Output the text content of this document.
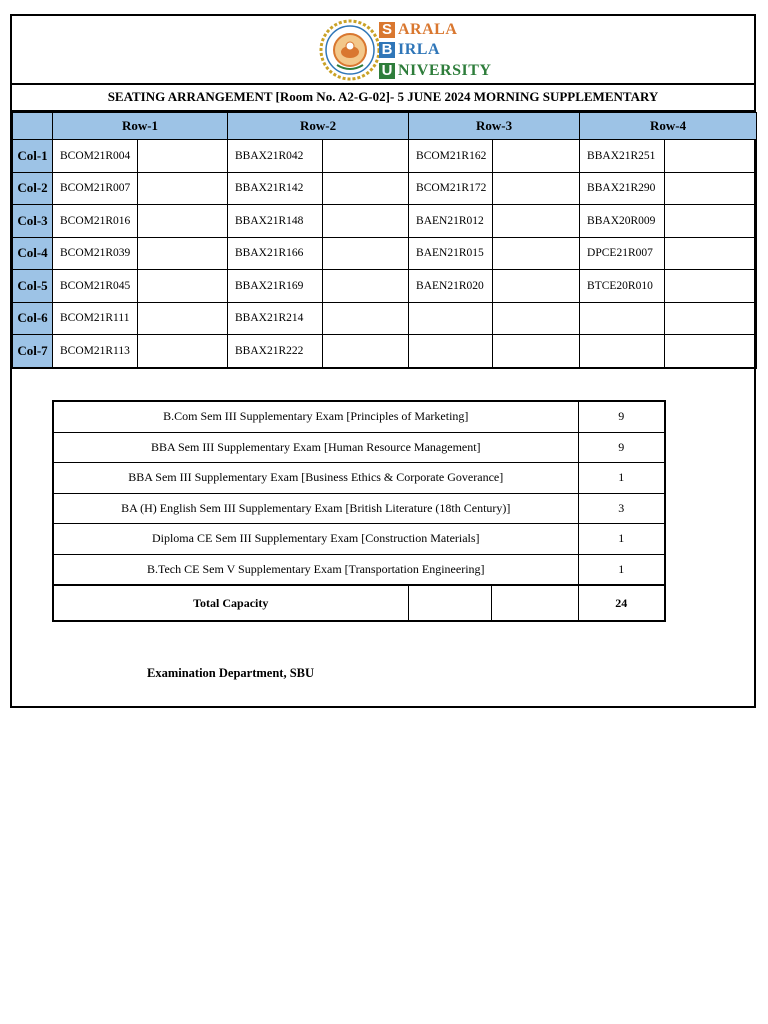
S ARALA
B IRLA
U NIVERSITY
SEATING ARRANGEMENT [Room No. A2-G-02]- 5 JUNE 2024 MORNING SUPPLEMENTARY
	Row-1		Row-2		Row-3		Row-4	
Col-1	BCOM21R004		BBAX21R042		BCOM21R162		BBAX21R251	
Col-2	BCOM21R007		BBAX21R142		BCOM21R172		BBAX21R290	
Col-3	BCOM21R016		BBAX21R148		BAEN21R012		BBAX20R009	
Col-4	BCOM21R039		BBAX21R166		BAEN21R015		DPCE21R007	
Col-5	BCOM21R045		BBAX21R169		BAEN21R020		BTCE20R010	
Col-6	BCOM21R111		BBAX21R214					
Col-7	BCOM21R113		BBAX21R222					
B.Com Sem III Supplementary Exam [Principles of Marketing]			9
BBA Sem III Supplementary Exam [Human Resource Management]			9
BBA Sem III Supplementary Exam [Business Ethics & Corporate Goverance]			1
BA (H) English Sem III Supplementary Exam [British Literature (18th Century)]			3
Diploma CE Sem III Supplementary Exam [Construction Materials]			1
B.Tech CE Sem V Supplementary Exam [Transportation Engineering]			1
Total Capacity			24
Examination Department, SBU
